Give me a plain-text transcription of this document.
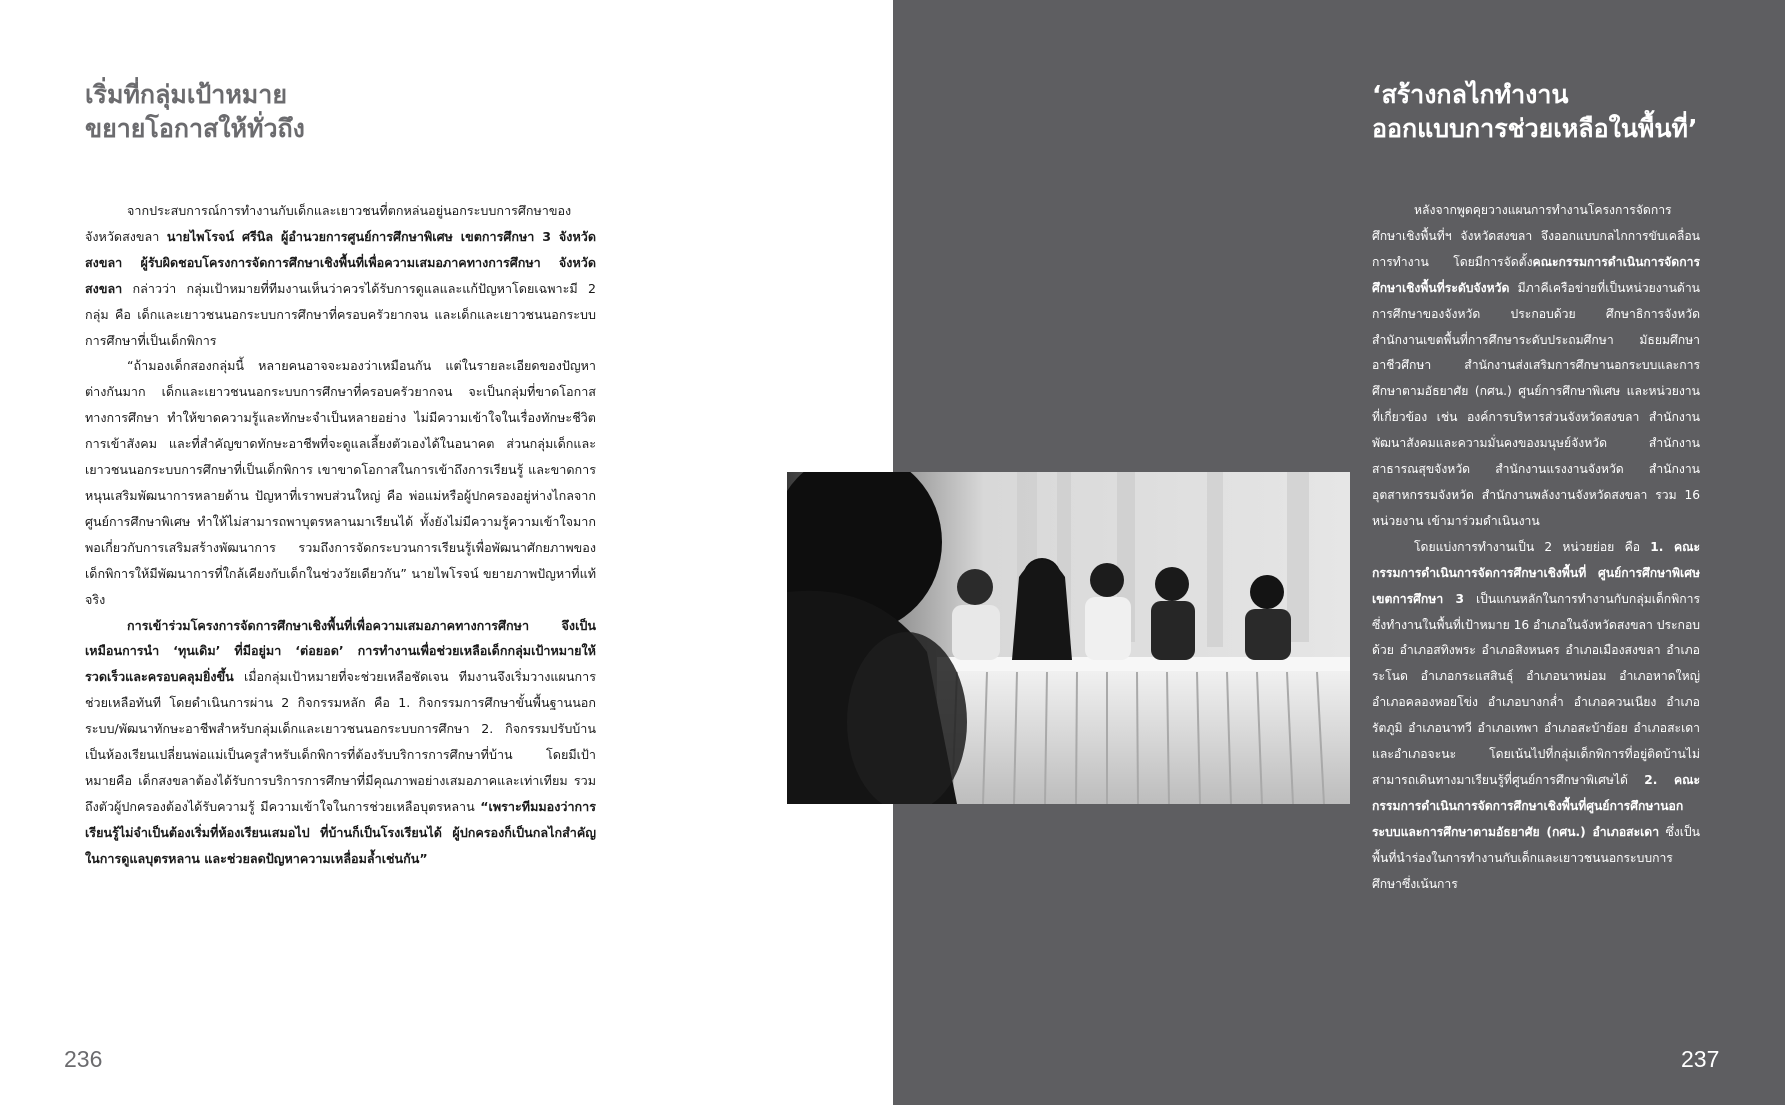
เริ่มที่กลุ่มเป้าหมาย
ขยายโอกาสให้ทั่วถึง

จากประสบการณ์การทำงานกับเด็กและเยาวชนที่ตกหล่นอยู่นอกระบบการศึกษาของจังหวัดสงขลา นายไพโรจน์ ศรีนิล ผู้อำนวยการศูนย์การศึกษาพิเศษ เขตการศึกษา 3 จังหวัดสงขลา ผู้รับผิดชอบโครงการจัดการศึกษาเชิงพื้นที่เพื่อความเสมอภาคทางการศึกษา จังหวัดสงขลา กล่าวว่า กลุ่มเป้าหมายที่ทีมงานเห็นว่าควรได้รับการดูแลและแก้ปัญหาโดยเฉพาะมี 2 กลุ่ม คือ เด็กและเยาวชนนอกระบบการศึกษาที่ครอบครัวยากจน และเด็กและเยาวชนนอกระบบการศึกษาที่เป็นเด็กพิการ

“ถ้ามองเด็กสองกลุ่มนี้ หลายคนอาจจะมองว่าเหมือนกัน แต่ในรายละเอียดของปัญหาต่างกันมาก เด็กและเยาวชนนอกระบบการศึกษาที่ครอบครัวยากจน จะเป็นกลุ่มที่ขาดโอกาสทางการศึกษา ทำให้ขาดความรู้และทักษะจำเป็นหลายอย่าง ไม่มีความเข้าใจในเรื่องทักษะชีวิต การเข้าสังคม และที่สำคัญขาดทักษะอาชีพที่จะดูแลเลี้ยงตัวเองได้ในอนาคต ส่วนกลุ่มเด็กและเยาวชนนอกระบบการศึกษาที่เป็นเด็กพิการ เขาขาดโอกาสในการเข้าถึงการเรียนรู้ และขาดการหนุนเสริมพัฒนาการหลายด้าน ปัญหาที่เราพบส่วนใหญ่ คือ พ่อแม่หรือผู้ปกครองอยู่ห่างไกลจากศูนย์การศึกษาพิเศษ ทำให้ไม่สามารถพาบุตรหลานมาเรียนได้ ทั้งยังไม่มีความรู้ความเข้าใจมากพอเกี่ยวกับการเสริมสร้างพัฒนาการ รวมถึงการจัดกระบวนการเรียนรู้เพื่อพัฒนาศักยภาพของเด็กพิการให้มีพัฒนาการที่ใกล้เคียงกับเด็กในช่วงวัยเดียวกัน” นายไพโรจน์ ขยายภาพปัญหาที่แท้จริง

การเข้าร่วมโครงการจัดการศึกษาเชิงพื้นที่เพื่อความเสมอภาคทางการศึกษา จึงเป็นเหมือนการนำ ‘ทุนเดิม’ ที่มีอยู่มา ‘ต่อยอด’ การทำงานเพื่อช่วยเหลือเด็กกลุ่มเป้าหมายให้รวดเร็วและครอบคลุมยิ่งขึ้น เมื่อกลุ่มเป้าหมายที่จะช่วยเหลือชัดเจน ทีมงานจึงเริ่มวางแผนการช่วยเหลือทันที โดยดำเนินการผ่าน 2 กิจกรรมหลัก คือ 1. กิจกรรมการศึกษาขั้นพื้นฐานนอกระบบ/พัฒนาทักษะอาชีพสำหรับกลุ่มเด็กและเยาวชนนอกระบบการศึกษา 2. กิจกรรมปรับบ้านเป็นห้องเรียนเปลี่ยนพ่อแม่เป็นครูสำหรับเด็กพิการที่ต้องรับบริการการศึกษาที่บ้าน โดยมีเป้าหมายคือ เด็กสงขลาต้องได้รับการบริการการศึกษาที่มีคุณภาพอย่างเสมอภาคและเท่าเทียม รวมถึงตัวผู้ปกครองต้องได้รับความรู้ มีความเข้าใจในการช่วยเหลือบุตรหลาน “เพราะทีมมองว่าการเรียนรู้ไม่จำเป็นต้องเริ่มที่ห้องเรียนเสมอไป ที่บ้านก็เป็นโรงเรียนได้ ผู้ปกครองก็เป็นกลไกสำคัญในการดูแลบุตรหลาน และช่วยลดปัญหาความเหลื่อมล้ำเช่นกัน”

236
‘สร้างกลไกทำงาน
ออกแบบการช่วยเหลือในพื้นที่’

หลังจากพูดคุยวางแผนการทำงานโครงการจัดการศึกษาเชิงพื้นที่ฯ จังหวัดสงขลา จึงออกแบบกลไกการขับเคลื่อนการทำงาน โดยมีการจัดตั้งคณะกรรมการดำเนินการจัดการศึกษาเชิงพื้นที่ระดับจังหวัด มีภาคีเครือข่ายที่เป็นหน่วยงานด้านการศึกษาของจังหวัด ประกอบด้วย ศึกษาธิการจังหวัด สำนักงานเขตพื้นที่การศึกษาระดับประถมศึกษา มัธยมศึกษา อาชีวศึกษา สำนักงานส่งเสริมการศึกษานอกระบบและการศึกษาตามอัธยาศัย (กศน.) ศูนย์การศึกษาพิเศษ และหน่วยงานที่เกี่ยวข้อง เช่น องค์การบริหารส่วนจังหวัดสงขลา สำนักงานพัฒนาสังคมและความมั่นคงของมนุษย์จังหวัด สำนักงานสาธารณสุขจังหวัด สำนักงานแรงงานจังหวัด สำนักงานอุตสาหกรรมจังหวัด สำนักงานพลังงานจังหวัดสงขลา รวม 16 หน่วยงาน เข้ามาร่วมดำเนินงาน

โดยแบ่งการทำงานเป็น 2 หน่วยย่อย คือ 1. คณะกรรมการดำเนินการจัดการศึกษาเชิงพื้นที่ ศูนย์การศึกษาพิเศษ เขตการศึกษา 3 เป็นแกนหลักในการทำงานกับกลุ่มเด็กพิการ ซึ่งทำงานในพื้นที่เป้าหมาย 16 อำเภอในจังหวัดสงขลา ประกอบด้วย อำเภอสทิงพระ อำเภอสิงหนคร อำเภอเมืองสงขลา อำเภอระโนด อำเภอกระแสสินธุ์ อำเภอนาหม่อม อำเภอหาดใหญ่ อำเภอคลองหอยโข่ง อำเภอบางกล่ำ อำเภอควนเนียง อำเภอรัตภูมิ อำเภอนาทวี อำเภอเทพา อำเภอสะบ้าย้อย อำเภอสะเดา และอำเภอจะนะ โดยเน้นไปที่กลุ่มเด็กพิการที่อยู่ติดบ้านไม่สามารถเดินทางมาเรียนรู้ที่ศูนย์การศึกษาพิเศษได้ 2. คณะกรรมการดำเนินการจัดการศึกษาเชิงพื้นที่ศูนย์การศึกษานอกระบบและการศึกษาตามอัธยาศัย (กศน.) อำเภอสะเดา ซึ่งเป็นพื้นที่นำร่องในการทำงานกับเด็กและเยาวชนนอกระบบการศึกษาซึ่งเน้นการ

237
